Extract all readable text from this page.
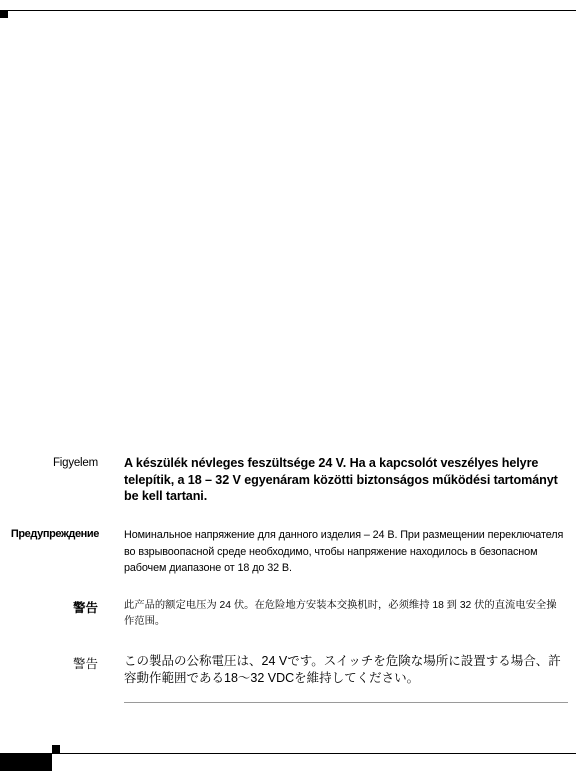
Figyelem A készülék névleges feszültsége 24 V. Ha a kapcsolót veszélyes helyre telepítik, a 18 – 32 V egyenáram közötti biztonságos működési tartományt be kell tartani.
Предупреждение Номинальное напряжение для данного изделия – 24 В. При размещении переключателя во взрывоопасной среде необходимо, чтобы напряжение находилось в безопасном рабочем диапазоне от 18 до 32 В.
警告	此产品的额定电压为 24 伏。在危险地方安装本交换机时，必须维持 18 到 32 伏的直流电安全操作范围。
警告 この製品の公称電圧は、24 Vです。スイッチを危険な場所に設置する場合、許容動作範囲である18〜32 VDCを維持してください。
